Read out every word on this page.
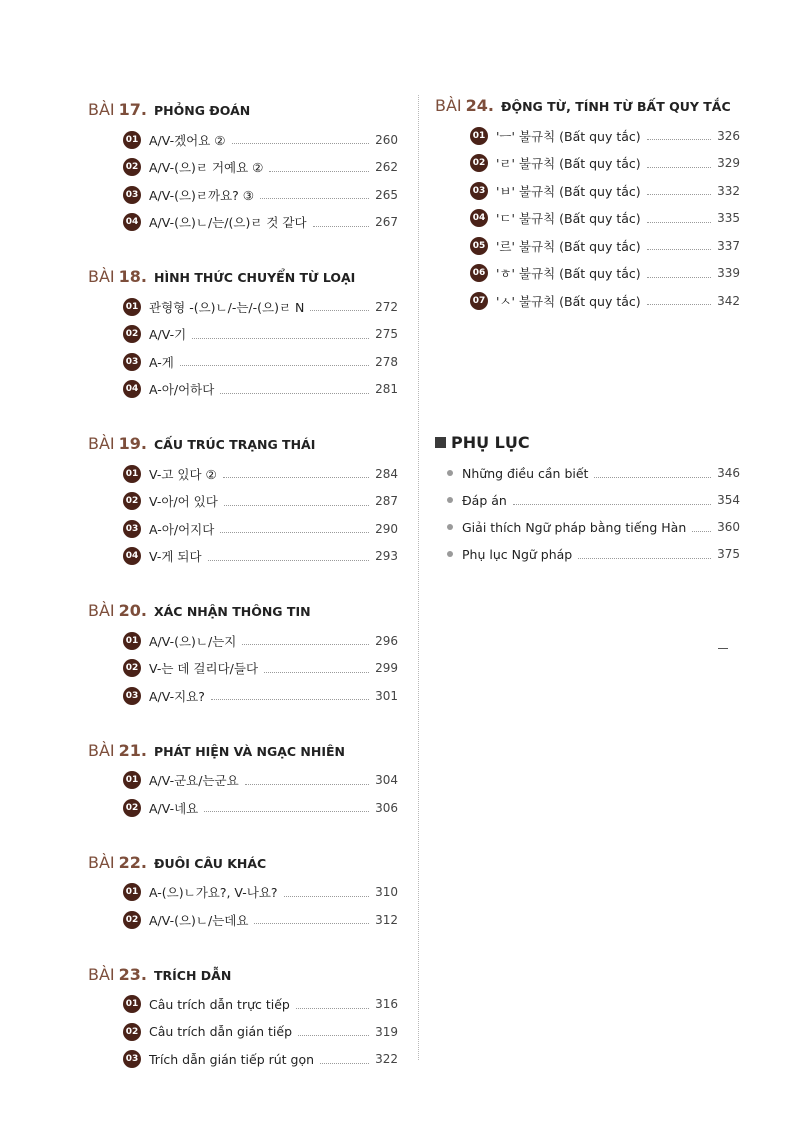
BÀI 17. PHỎNG ĐOÁN
01 A/V-겠어요 ②	260
02 A/V-(으)ㄹ 거예요 ②	262
03 A/V-(으)ㄹ까요? ③	265
04 A/V-(으)ㄴ/는/(으)ㄹ 것 같다	267
BÀI 18. HÌNH THỨC CHUYỂN TỪ LOẠI
01 관형형 -(으)ㄴ/-는/-(으)ㄹ N	272
02 A/V-기	275
03 A-게	278
04 A-아/어하다	281
BÀI 19. CẤU TRÚC TRẠNG THÁI
01 V-고 있다 ②	284
02 V-아/어 있다	287
03 A-아/어지다	290
04 V-게 되다	293
BÀI 20. XÁC NHẬN THÔNG TIN
01 A/V-(으)ㄴ/는지	296
02 V-는 데 걸리다/들다	299
03 A/V-지요?	301
BÀI 21. PHÁT HIỆN VÀ NGẠC NHIÊN
01 A/V-군요/는군요	304
02 A/V-네요	306
BÀI 22. ĐUÔI CÂU KHÁC
01 A-(으)ㄴ가요?, V-나요?	310
02 A/V-(으)ㄴ/는데요	312
BÀI 23. TRÍCH DẪN
01 Câu trích dẫn trực tiếp	316
02 Câu trích dẫn gián tiếp	319
03 Trích dẫn gián tiếp rút gọn	322
BÀI 24. ĐỘNG TỪ, TÍNH TỪ BẤT QUY TẮC
01 'ㅡ' 불규칙 (Bất quy tắc)	326
02 'ㄹ' 불규칙 (Bất quy tắc)	329
03 'ㅂ' 불규칙 (Bất quy tắc)	332
04 'ㄷ' 불규칙 (Bất quy tắc)	335
05 '르' 불규칙 (Bất quy tắc)	337
06 'ㅎ' 불규칙 (Bất quy tắc)	339
07 'ㅅ' 불규칙 (Bất quy tắc)	342
PHỤ LỤC
Những điều cần biết	346
Đáp án	354
Giải thích Ngữ pháp bằng tiếng Hàn	360
Phụ lục Ngữ pháp	375
